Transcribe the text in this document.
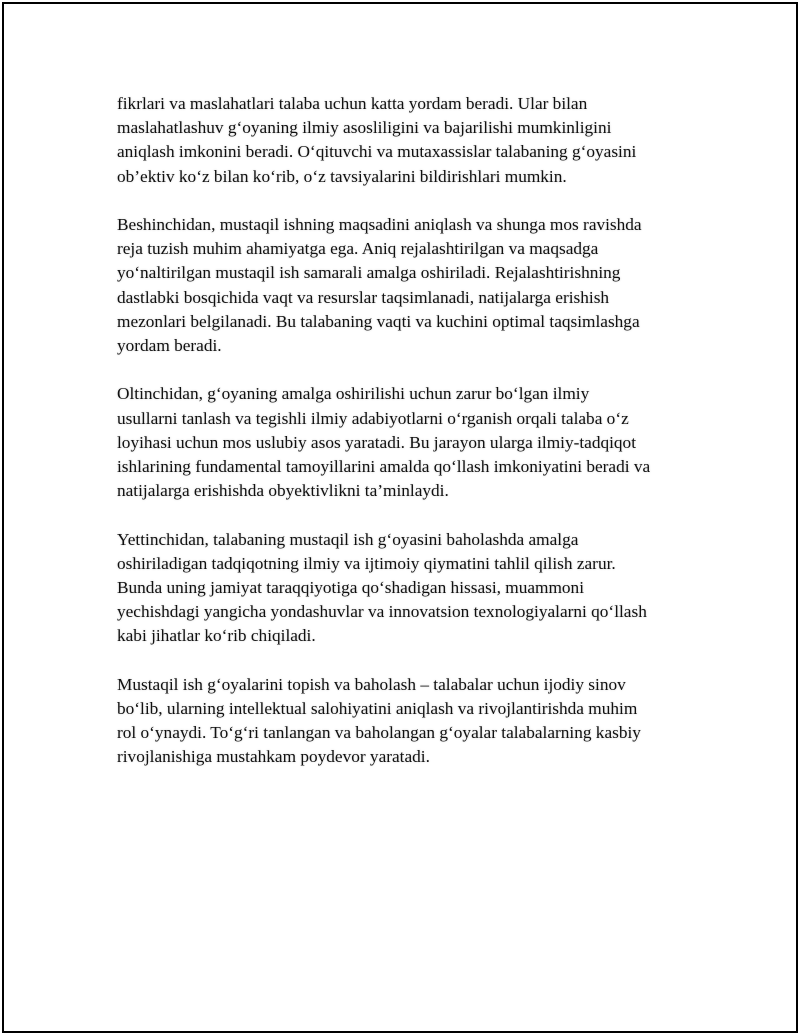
fikrlari va maslahatlari talaba uchun katta yordam beradi. Ular bilan
maslahatlashuv g‘oyaning ilmiy asosliligini va bajarilishi mumkinligini
aniqlash imkonini beradi. O‘qituvchi va mutaxassislar talabaning g‘oyasini
ob’ektiv ko‘z bilan ko‘rib, o‘z tavsiyalarini bildirishlari mumkin.

Beshinchidan, mustaqil ishning maqsadini aniqlash va shunga mos ravishda
reja tuzish muhim ahamiyatga ega. Aniq rejalashtirilgan va maqsadga
yo‘naltirilgan mustaqil ish samarali amalga oshiriladi. Rejalashtirishning
dastlabki bosqichida vaqt va resurslar taqsimlanadi, natijalarga erishish
mezonlari belgilanadi. Bu talabaning vaqti va kuchini optimal taqsimlashga
yordam beradi.

Oltinchidan, g‘oyaning amalga oshirilishi uchun zarur bo‘lgan ilmiy
usullarni tanlash va tegishli ilmiy adabiyotlarni o‘rganish orqali talaba o‘z
loyihasi uchun mos uslubiy asos yaratadi. Bu jarayon ularga ilmiy-tadqiqot
ishlarining fundamental tamoyillarini amalda qo‘llash imkoniyatini beradi va
natijalarga erishishda obyektivlikni ta’minlaydi.

Yettinchidan, talabaning mustaqil ish g‘oyasini baholashda amalga
oshiriladigan tadqiqotning ilmiy va ijtimoiy qiymatini tahlil qilish zarur.
Bunda uning jamiyat taraqqiyotiga qo‘shadigan hissasi, muammoni
yechishdagi yangicha yondashuvlar va innovatsion texnologiyalarni qo‘llash
kabi jihatlar ko‘rib chiqiladi.

Mustaqil ish g‘oyalarini topish va baholash – talabalar uchun ijodiy sinov
bo‘lib, ularning intellektual salohiyatini aniqlash va rivojlantirishda muhim
rol o‘ynaydi. To‘g‘ri tanlangan va baholangan g‘oyalar talabalarning kasbiy
rivojlanishiga mustahkam poydevor yaratadi.
